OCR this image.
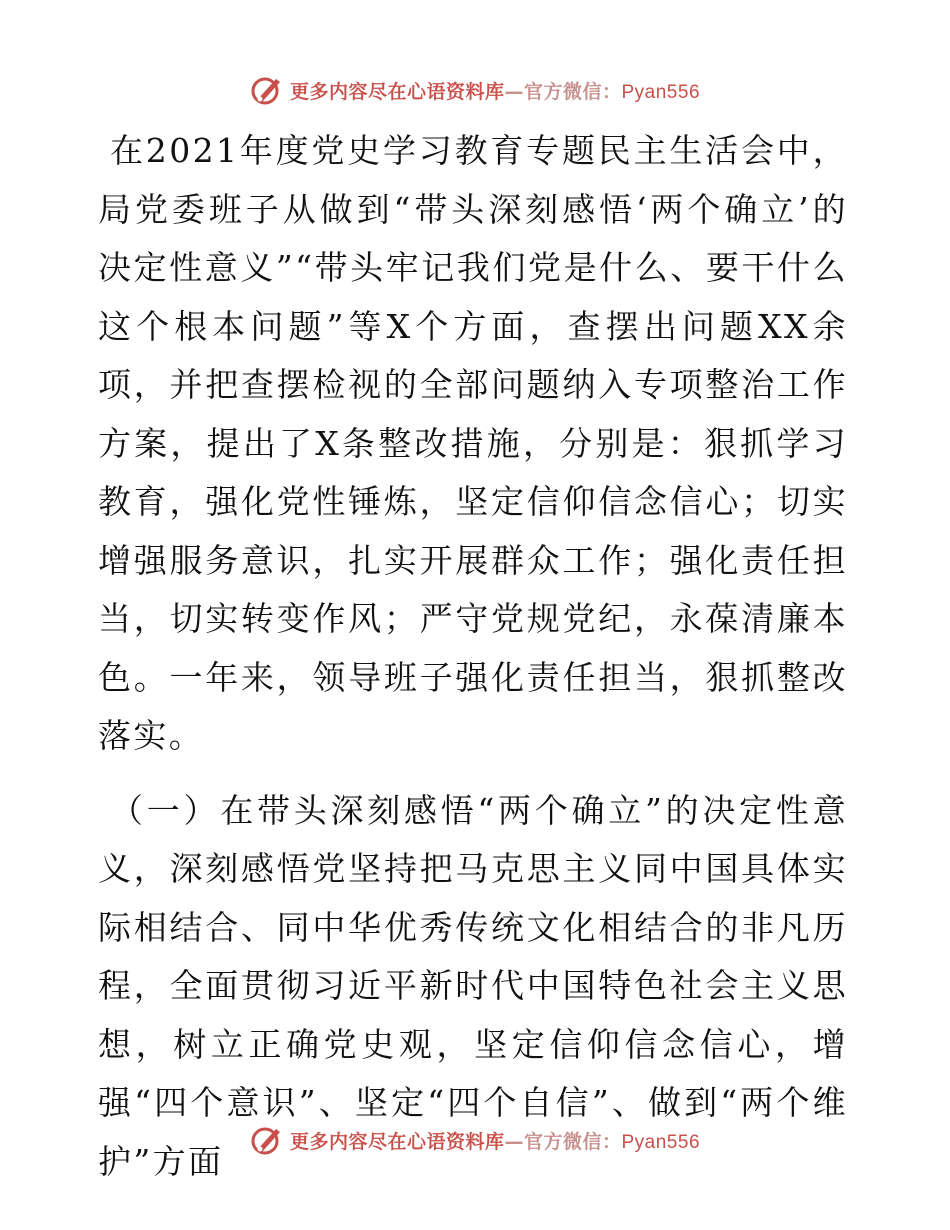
更多内容尽在心语资料库—官方微信：Pyan556

在2021年度党史学习教育专题民主生活会中，局党委班子从做到“带头深刻感悟‘两个确立’的决定性意义”“带头牢记我们党是什么、要干什么这个根本问题”等X个方面，查摆出问题XX余项，并把查摆检视的全部问题纳入专项整治工作方案，提出了X条整改措施，分别是：狠抓学习教育，强化党性锤炼，坚定信仰信念信心；切实增强服务意识，扎实开展群众工作；强化责任担当，切实转变作风；严守党规党纪，永葆清廉本色。一年来，领导班子强化责任担当，狠抓整改落实。

（一）在带头深刻感悟“两个确立”的决定性意义，深刻感悟党坚持把马克思主义同中国具体实际相结合、同中华优秀传统文化相结合的非凡历程，全面贯彻习近平新时代中国特色社会主义思想，树立正确党史观，坚定信仰信念信心，增强“四个意识”、坚定“四个自信”、做到“两个维护”方面	更多内容尽在心语资料库—官方微信：Pyan556
